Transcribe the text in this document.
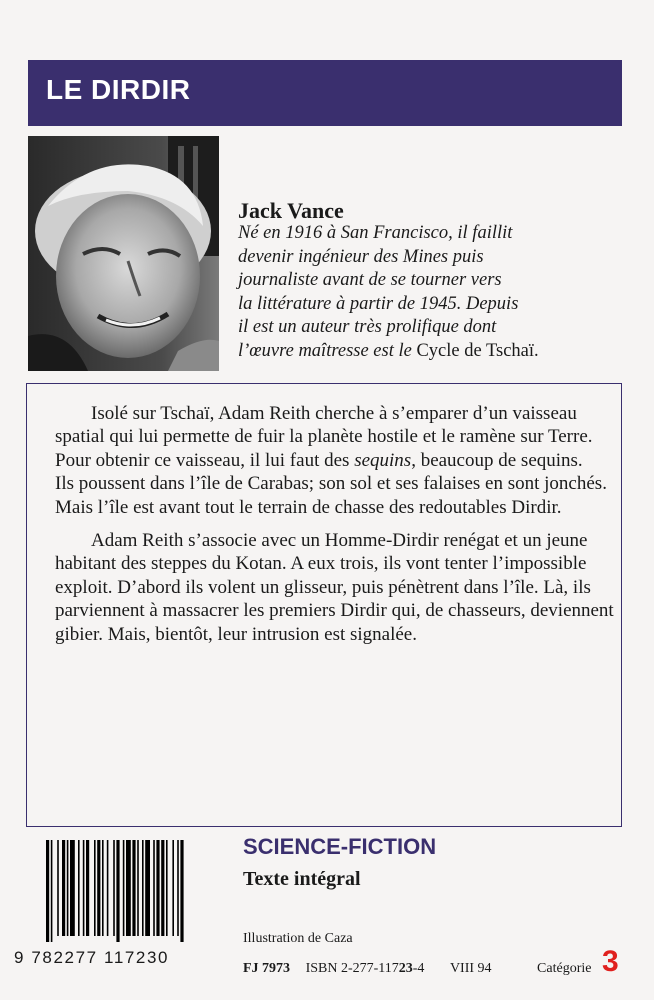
LE DIRDIR
Jack Vance
Né en 1916 à San Francisco, il faillit
devenir ingénieur des Mines puis
journaliste avant de se tourner vers
la littérature à partir de 1945. Depuis
il est un auteur très prolifique dont
l’œuvre maîtresse est le Cycle de Tschaï.

Isolé sur Tschaï, Adam Reith cherche à s’emparer d’un vaisseau spatial qui lui permette de fuir la planète hostile et le ramène sur Terre. Pour obtenir ce vaisseau, il lui faut des sequins, beaucoup de sequins.

Ils poussent dans l’île de Carabas; son sol et ses falaises en sont jonchés. Mais l’île est avant tout le terrain de chasse des redoutables Dirdir.

Adam Reith s’associe avec un Homme-Dirdir renégat et un jeune habitant des steppes du Kotan. A eux trois, ils vont tenter l’impossible exploit. D’abord ils volent un glisseur, puis pénètrent dans l’île. Là, ils parviennent à massacrer les premiers Dirdir qui, de chasseurs, deviennent gibier. Mais, bientôt, leur intrusion est signalée.

9 782277 117230
SCIENCE-FICTION
Texte intégral
Illustration de Caza
FJ 7973 ISBN 2-277-11723-4 VIII 94	Catégorie 3
